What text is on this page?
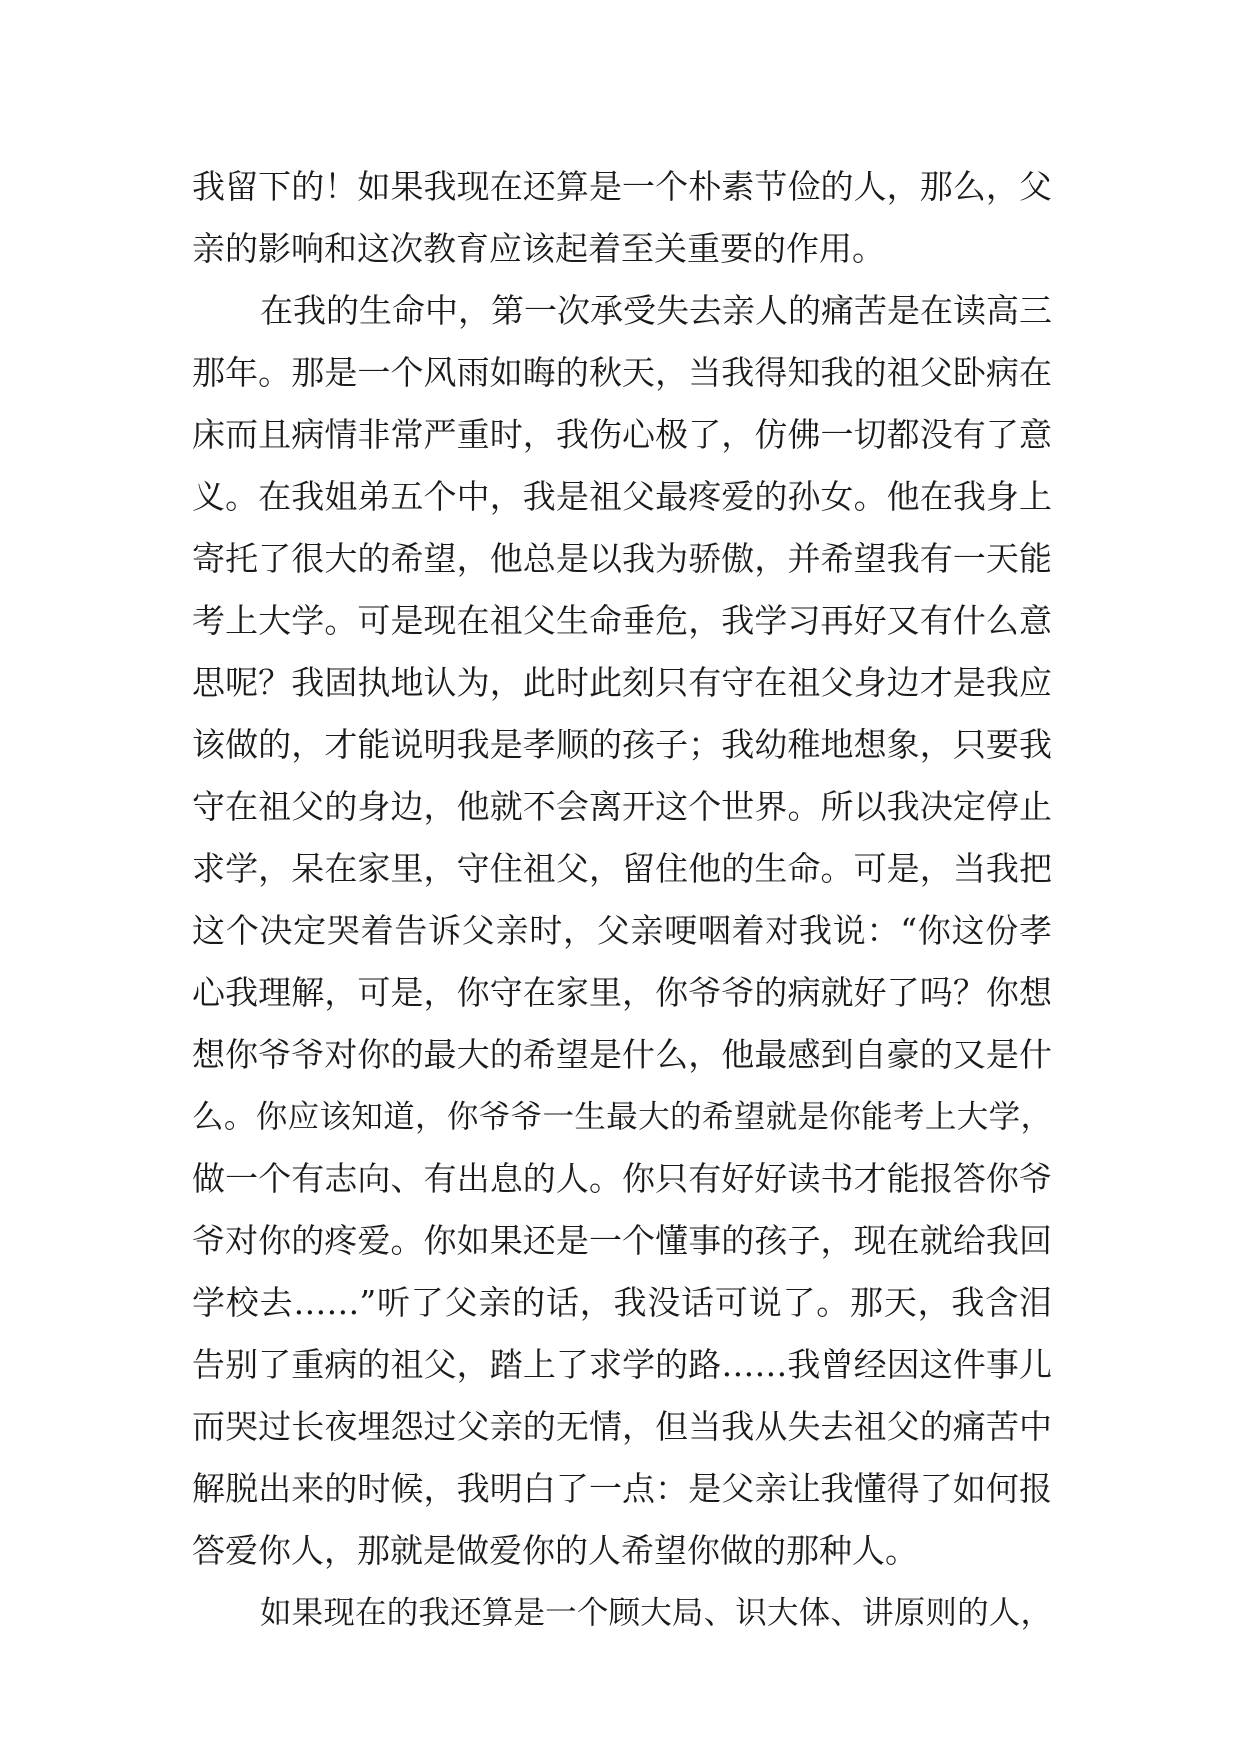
我留下的！如果我现在还算是一个朴素节俭的人，那么，父
亲的影响和这次教育应该起着至关重要的作用。
在我的生命中，第一次承受失去亲人的痛苦是在读高三
那年。那是一个风雨如晦的秋天，当我得知我的祖父卧病在
床而且病情非常严重时，我伤心极了，仿佛一切都没有了意
义。在我姐弟五个中，我是祖父最疼爱的孙女。他在我身上
寄托了很大的希望，他总是以我为骄傲，并希望我有一天能
考上大学。可是现在祖父生命垂危，我学习再好又有什么意
思呢？我固执地认为，此时此刻只有守在祖父身边才是我应
该做的，才能说明我是孝顺的孩子；我幼稚地想象，只要我
守在祖父的身边，他就不会离开这个世界。所以我决定停止
求学，呆在家里，守住祖父，留住他的生命。可是，当我把
这个决定哭着告诉父亲时，父亲哽咽着对我说：“你这份孝
心我理解，可是，你守在家里，你爷爷的病就好了吗？你想
想你爷爷对你的最大的希望是什么，他最感到自豪的又是什
么。你应该知道，你爷爷一生最大的希望就是你能考上大学，
做一个有志向、有出息的人。你只有好好读书才能报答你爷
爷对你的疼爱。你如果还是一个懂事的孩子，现在就给我回
学校去……”听了父亲的话，我没话可说了。那天，我含泪
告别了重病的祖父，踏上了求学的路……我曾经因这件事儿
而哭过长夜埋怨过父亲的无情，但当我从失去祖父的痛苦中
解脱出来的时候，我明白了一点：是父亲让我懂得了如何报
答爱你人，那就是做爱你的人希望你做的那种人。
如果现在的我还算是一个顾大局、识大体、讲原则的人，
